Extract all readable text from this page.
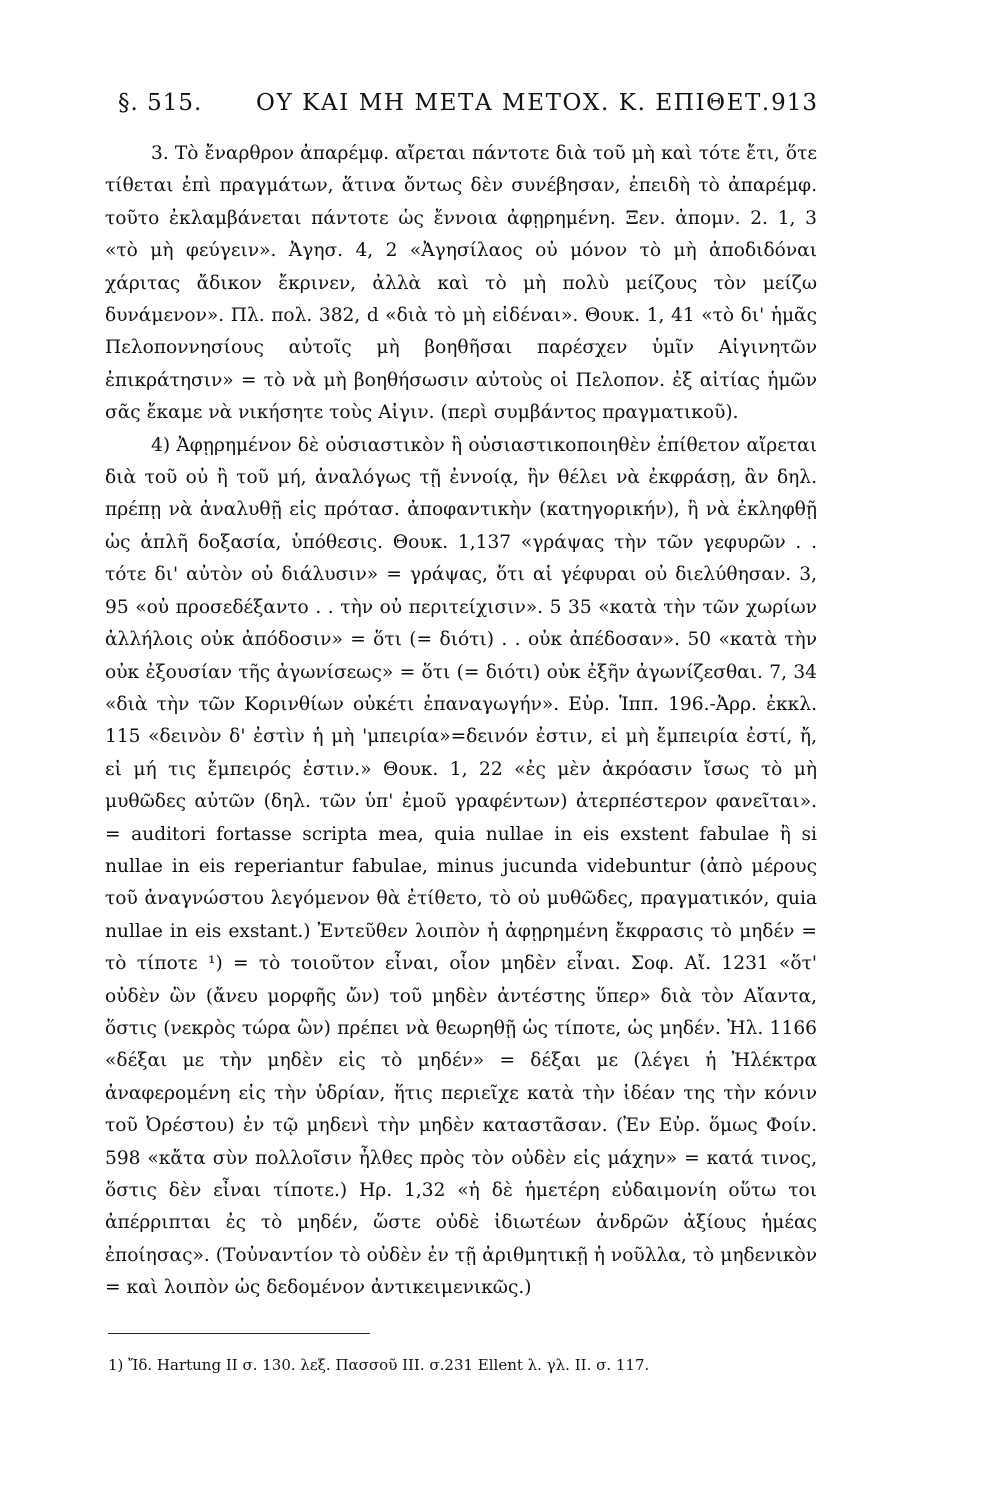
§. 515. ΟΥ ΚΑΙ ΜΗ ΜΕΤΑ ΜΕΤΟΧ. Κ. ΕΠΙΘΕΤ. 913

3. Τὸ ἔναρθρον ἀπαρέμφ. αἴρεται πάντοτε διὰ τοῦ μὴ καὶ τότε ἔτι, ὅτε τίθεται ἐπὶ πραγμάτων, ἅτινα ὄντως δὲν συνέβησαν, ἐπειδὴ τὸ ἀπαρέμφ. τοῦτο ἐκλαμβάνεται πάντοτε ὡς ἔννοια ἀφῃρημένη. Ξεν. ἀπομν. 2. 1, 3 «τὸ μὴ φεύγειν». Ἀγησ. 4, 2 «Ἀγησίλαος οὐ μόνον τὸ μὴ ἀποδιδόναι χάριτας ἄδικον ἔκρινεν, ἀλλὰ καὶ τὸ μὴ πολὺ μείζους τὸν μείζω δυνάμενον». Πλ. πολ. 382, d «διὰ τὸ μὴ εἰδέναι». Θουκ. 1, 41 «τὸ δι' ἡμᾶς Πελοποννησίους αὐτοῖς μὴ βοηθῆσαι παρέσχεν ὑμῖν Αἰγινητῶν ἐπικράτησιν» = τὸ νὰ μὴ βοηθήσωσιν αὐτοὺς οἱ Πελοπον. ἐξ αἰτίας ἡμῶν σᾶς ἔκαμε νὰ νικήσητε τοὺς Αἰγιν. (περὶ συμβάντος πραγματικοῦ).

4) Ἀφῃρημένον δὲ οὐσιαστικὸν ἢ οὐσιαστικοποιηθὲν ἐπίθετον αἴρεται διὰ τοῦ οὐ ἢ τοῦ μή, ἀναλόγως τῇ ἐννοίᾳ, ἣν θέλει νὰ ἐκφράσῃ, ἂν δηλ. πρέπῃ νὰ ἀναλυθῇ εἰς πρότασ. ἀποφαντικὴν (κατηγορικήν), ἢ νὰ ἐκληφθῇ ὡς ἁπλῆ δοξασία, ὑπόθεσις. Θουκ. 1,137 «γράψας τὴν τῶν γεφυρῶν . . τότε δι' αὐτὸν οὐ διάλυσιν» = γράψας, ὅτι αἱ γέφυραι οὐ διελύθησαν. 3, 95 «οὐ προσεδέξαντο . . τὴν οὐ περιτείχισιν». 5 35 «κατὰ τὴν τῶν χωρίων ἀλλήλοις οὐκ ἀπόδοσιν» = ὅτι (= διότι) . . οὐκ ἀπέδοσαν». 50 «κατὰ τὴν οὐκ ἐξουσίαν τῆς ἀγωνίσεως» = ὅτι (= διότι) οὐκ ἐξῆν ἀγωνίζεσθαι. 7, 34 «διὰ τὴν τῶν Κορινθίων οὐκέτι ἐπαναγωγήν». Εὐρ. Ἱππ. 196.-Ἀρρ. ἐκκλ. 115 «δεινὸν δ' ἐστὶν ἡ μὴ 'μπειρία»=δεινόν ἐστιν, εἰ μὴ ἔμπειρία ἐστί, ἤ, εἰ μή τις ἔμπειρός ἐστιν.» Θουκ. 1, 22 «ἐς μὲν ἀκρόασιν ἴσως τὸ μὴ μυθῶδες αὐτῶν (δηλ. τῶν ὑπ' ἐμοῦ γραφέντων) ἀτερπέστερον φανεῖται». = auditori fortasse scripta mea, quia nullae in eis exstent fabulae ἢ si nullae in eis reperiantur fabulae, minus jucunda videbuntur (ἀπὸ μέρους τοῦ ἀναγνώστου λεγόμενον θὰ ἐτίθετο, τὸ οὐ μυθῶδες, πραγματικόν, quia nullae in eis exstant.) Ἐντεῦθεν λοιπὸν ἡ ἀφῃρημένη ἔκφρασις τὸ μηδέν = τὸ τίποτε ¹) = τὸ τοιοῦτον εἶναι, οἷον μηδὲν εἶναι. Σοφ. Αἴ. 1231 «ὅτ' οὐδὲν ὢν (ἄνευ μορφῆς ὤν) τοῦ μηδὲν ἀντέστης ὕπερ» διὰ τὸν Αἴαντα, ὅστις (νεκρὸς τώρα ὢν) πρέπει νὰ θεωρηθῇ ὡς τίποτε, ὡς μηδέν. Ἠλ. 1166 «δέξαι με τὴν μηδὲν εἰς τὸ μηδέν» = δέξαι με (λέγει ἡ Ἠλέκτρα ἀναφερομένη εἰς τὴν ὑδρίαν, ἥτις περιεῖχε κατὰ τὴν ἰδέαν της τὴν κόνιν τοῦ Ὀρέστου) ἐν τῷ μηδενὶ τὴν μηδὲν καταστᾶσαν. (Ἐν Εὐρ. ὅμως Φοίν. 598 «κἄτα σὺν πολλοῖσιν ἦλθες πρὸς τὸν οὐδὲν εἰς μάχην» = κατά τινος, ὅστις δὲν εἶναι τίποτε.) Ηρ. 1,32 «ἡ δὲ ἡμετέρη εὐδαιμονίη οὕτω τοι ἀπέρριπται ἐς τὸ μηδέν, ὥστε οὐδὲ ἰδιωτέων ἀνδρῶν ἀξίους ἡμέας ἐποίησας». (Τοὐναντίον τὸ οὐδὲν ἐν τῇ ἀριθμητικῇ ἡ νοῦλλα, τὸ μηδενικὸν = καὶ λοιπὸν ὡς δεδομένον ἀντικειμενικῶς.)

1) Ἴδ. Hartung II σ. 130. λεξ. Πασσοῦ ΙΙΙ. σ.231 Ellent λ. γλ. II. σ. 117.
